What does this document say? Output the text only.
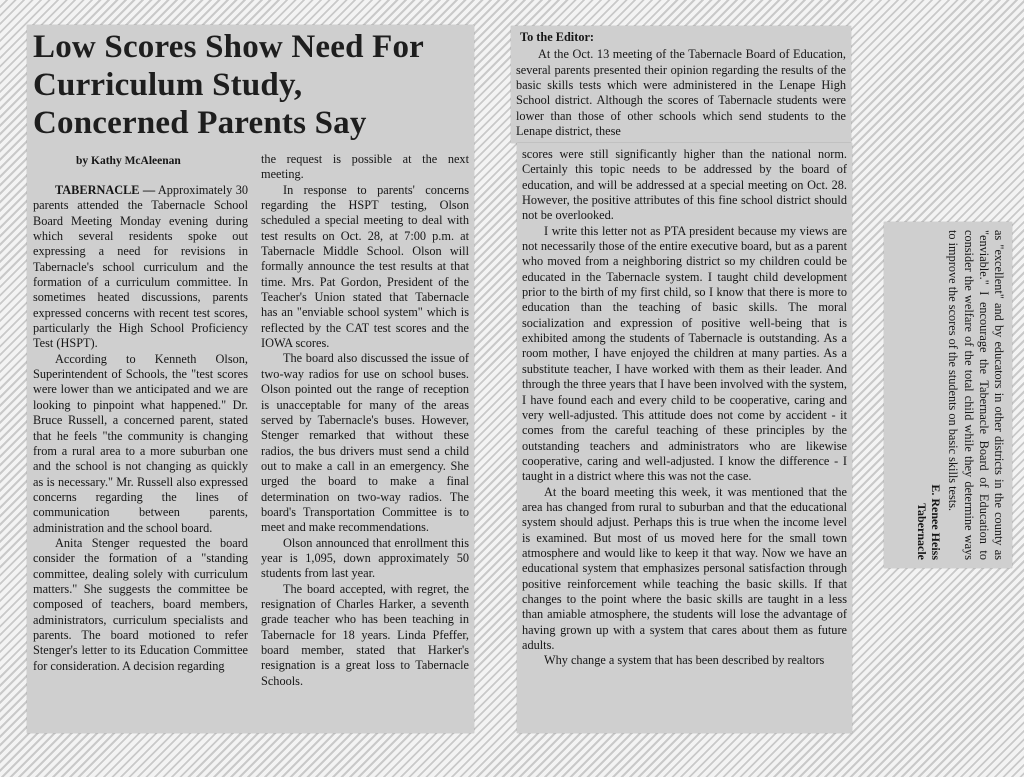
Low Scores Show Need For Curriculum Study, Concerned Parents Say
by Kathy McAleenan

TABERNACLE — Approximately 30 parents attended the Tabernacle School Board Meeting Monday evening during which several residents spoke out expressing a need for revisions in Tabernacle's school curriculum and the formation of a curriculum committee. In sometimes heated discussions, parents expressed concerns with recent test scores, particularly the High School Proficiency Test (HSPT).

According to Kenneth Olson, Superintendent of Schools, the "test scores were lower than we anticipated and we are looking to pinpoint what happened." Dr. Bruce Russell, a concerned parent, stated that he feels "the community is changing from a rural area to a more suburban one and the school is not changing as quickly as is necessary." Mr. Russell also expressed concerns regarding the lines of communication between parents, administration and the school board.

Anita Stenger requested the board consider the formation of a "standing committee, dealing solely with curriculum matters." She suggests the committee be composed of teachers, board members, administrators, curriculum specialists and parents. The board motioned to refer Stenger's letter to its Education Committee for consideration. A decision regarding

the request is possible at the next meeting.

In response to parents' concerns regarding the HSPT testing, Olson scheduled a special meeting to deal with test results on Oct. 28, at 7:00 p.m. at Tabernacle Middle School. Olson will formally announce the test results at that time. Mrs. Pat Gordon, President of the Teacher's Union stated that Tabernacle has an "enviable school system" which is reflected by the CAT test scores and the IOWA scores.

The board also discussed the issue of two-way radios for use on school buses. Olson pointed out the range of reception is unacceptable for many of the areas served by Tabernacle's buses. However, Stenger remarked that without these radios, the bus drivers must send a child out to make a call in an emergency. She urged the board to make a final determination on two-way radios. The board's Transportation Committee is to meet and make recommendations.

Olson announced that enrollment this year is 1,095, down approximately 50 students from last year.

The board accepted, with regret, the resignation of Charles Harker, a seventh grade teacher who has been teaching in Tabernacle for 18 years. Linda Pfeffer, board member, stated that Harker's resignation is a great loss to Tabernacle Schools.

To the Editor:

At the Oct. 13 meeting of the Tabernacle Board of Education, several parents presented their opinion regarding the results of the basic skills tests which were administered in the Lenape High School district. Although the scores of Tabernacle students were lower than those of other schools which send students to the Lenape district, these

scores were still significantly higher than the national norm. Certainly this topic needs to be addressed by the board of education, and will be addressed at a special meeting on Oct. 28. However, the positive attributes of this fine school district should not be overlooked.

I write this letter not as PTA president because my views are not necessarily those of the entire executive board, but as a parent who moved from a neighboring district so my children could be educated in the Tabernacle system. I taught child development prior to the birth of my first child, so I know that there is more to education than the teaching of basic skills. The moral socialization and expression of positive well-being that is exhibited among the students of Tabernacle is outstanding. As a room mother, I have enjoyed the children at many parties. As a substitute teacher, I have worked with them as their leader. And through the three years that I have been involved with the system, I have found each and every child to be cooperative, caring and very well-adjusted. This attitude does not come by accident - it comes from the careful teaching of these principles by the outstanding teachers and administrators who are likewise cooperative, caring and well-adjusted. I know the difference - I taught in a district where this was not the case.

At the board meeting this week, it was mentioned that the area has changed from rural to suburban and that the educational system should adjust. Perhaps this is true when the income level is examined. But most of us moved here for the small town atmosphere and would like to keep it that way. Now we have an educational system that emphasizes personal satisfaction through positive reinforcement while teaching the basic skills. If that changes to the point where the basic skills are taught in a less than amiable atmosphere, the students will lose the advantage of having grown up with a system that cares about them as future adults.

Why change a system that has been described by realtors

as "excellent" and by educators in other districts in the county as "enviable." I encourage the Tabernacle Board of Education to consider the welfare of the total child while they determine ways to improve the scores of the students on basic skills tests.

E. Renee Heiss
Tabernacle
